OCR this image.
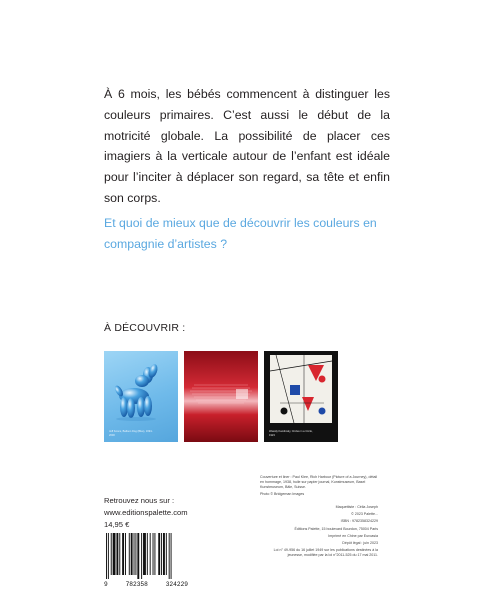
À 6 mois, les bébés commencent à distinguer les couleurs primaires. C’est aussi le début de la motricité globale. La possibilité de placer ces imagiers à la verticale autour de l’enfant est idéale pour l’inciter à déplacer son regard, sa tête et enfin son corps.
Et quoi de mieux que de découvrir les couleurs en compagnie d’artistes ?
À DÉCOUVRIR :
Jeff Koons, Balloon Dog (Blue), 1994-2000
Wassily Kandinsky, Circles in a Circle, 1923

Couverture et liner : Paul Klee, Rich Harbour (Picture of a Journey), détail en hommage, 1938, huile sur papier journal, Kunstmuseum, Basel Kunstmuseum, Bâle, Suisse.

Photo © Bridgeman Images

Maquettiste : Célia Joseph

© 2023 Palette...

ISBN : 9782358324229

Éditions Palette, 15 boulevard Bourdon, 75004 Paris

Imprimé en Chine par Euroasia

Dépôt légal : juin 2023

Loi n° 49-956 du 16 juillet 1949 sur les publications destinées à la jeunesse, modifiée par la loi n°2011-525 du 17 mai 2011.

Retrouvez nous sur :
www.editionspalette.com
14,95 €
9	782358	324229
